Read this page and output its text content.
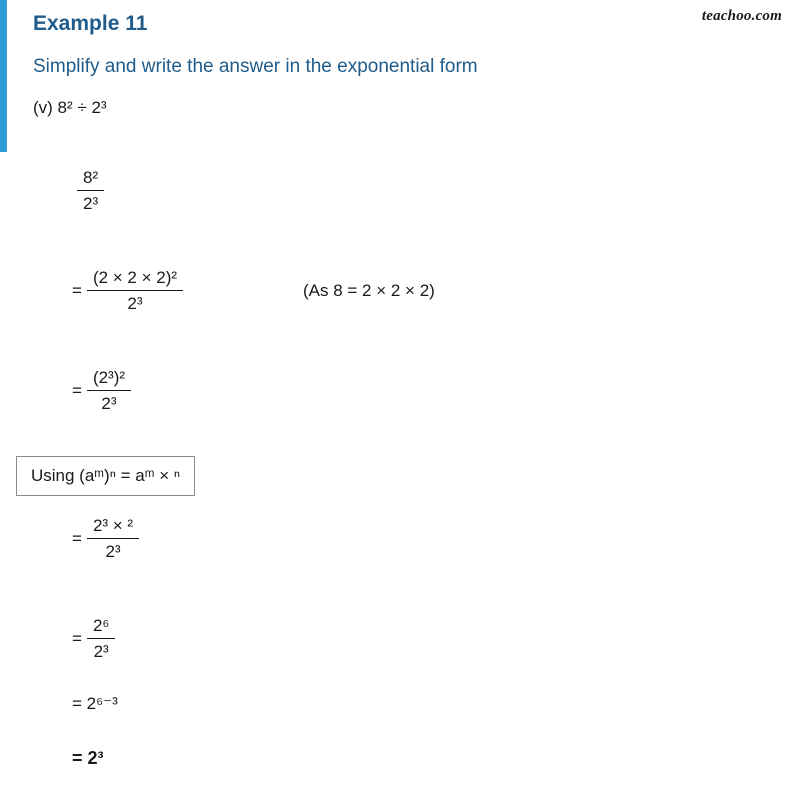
teachoo.com
Example 11
Simplify and write the answer in the exponential form
(v) 8² ÷ 2³
$\frac{\text{8²}}{\text{2³}}$
= $\frac{\text{(2 × 2 × 2)²}}{\text{2³}}$	(As 8 = 2 × 2 × 2)
= $\frac{\text{(2³)²}}{\text{2³}}$
Using (aᵐ)ⁿ = aᵐ × ⁿ
= $\frac{\text{2³ × ²}}{\text{2³}}$
= $\frac{\text{2⁶}}{\text{2³}}$
= 2⁶⁻³
= 2³
